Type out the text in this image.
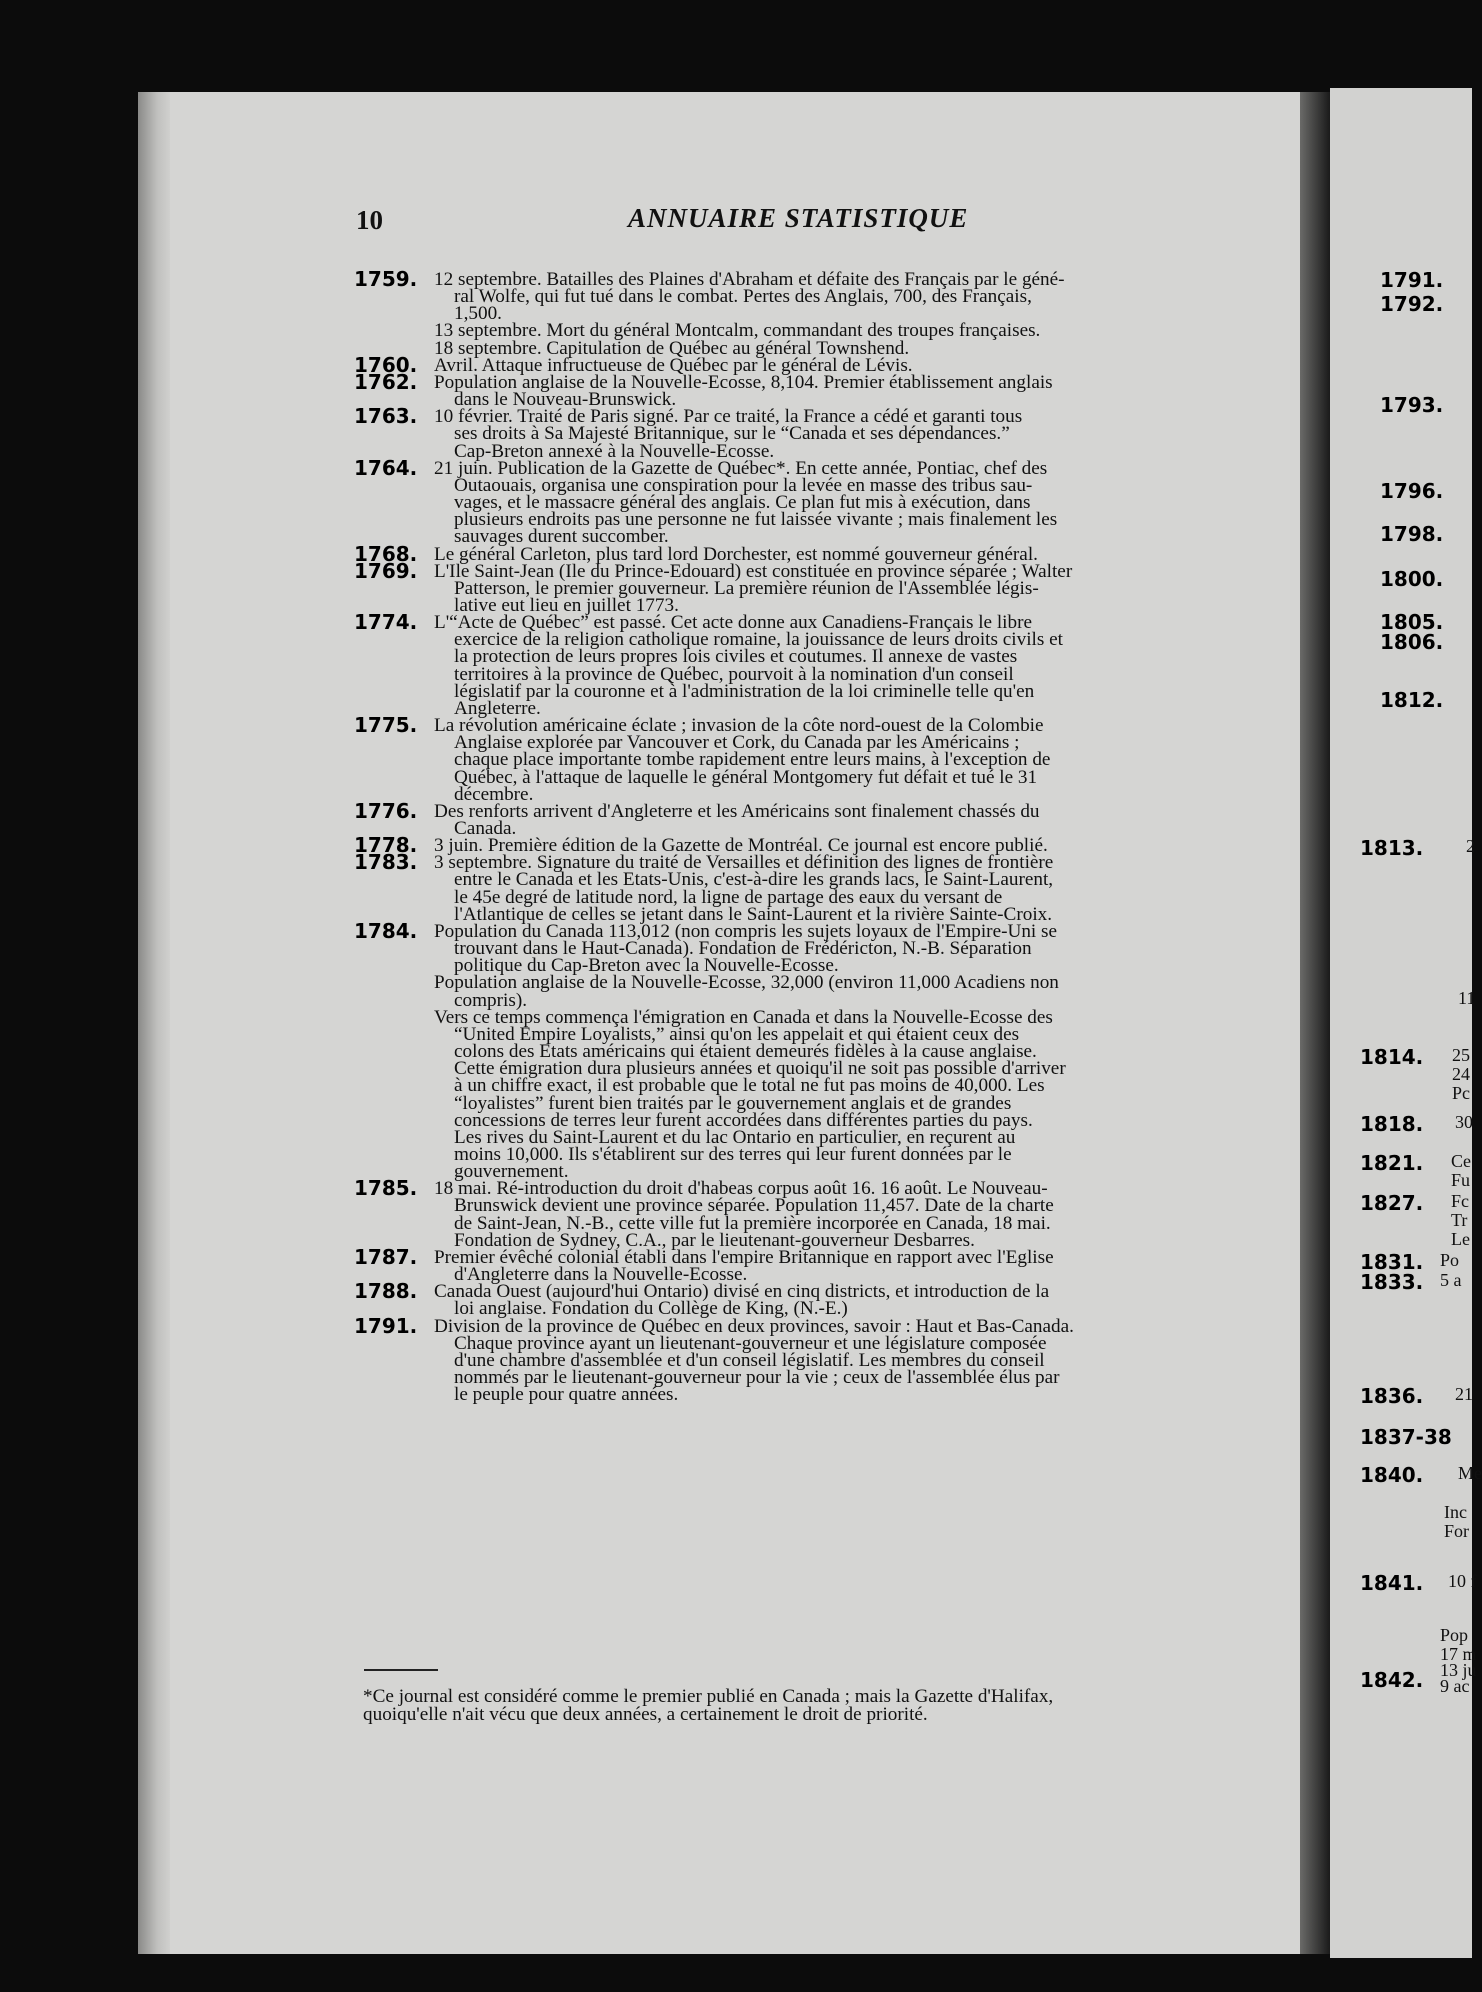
10	ANNUAIRE STATISTIQUE
1759. 12 septembre. Batailles des Plaines d'Abraham et défaite des Français par le géné-
ral Wolfe, qui fut tué dans le combat. Pertes des Anglais, 700, des Français,
1,500.
13 septembre. Mort du général Montcalm, commandant des troupes françaises.
18 septembre. Capitulation de Québec au général Townshend.
1760. Avril. Attaque infructueuse de Québec par le général de Lévis.
1762. Population anglaise de la Nouvelle-Ecosse, 8,104. Premier établissement anglais
dans le Nouveau-Brunswick.
1763. 10 février. Traité de Paris signé. Par ce traité, la France a cédé et garanti tous
ses droits à Sa Majesté Britannique, sur le “Canada et ses dépendances.”
Cap-Breton annexé à la Nouvelle-Ecosse.
1764. 21 juin. Publication de la Gazette de Québec*. En cette année, Pontiac, chef des
Outaouais, organisa une conspiration pour la levée en masse des tribus sau-
vages, et le massacre général des anglais. Ce plan fut mis à exécution, dans
plusieurs endroits pas une personne ne fut laissée vivante ; mais finalement les
sauvages durent succomber.
1768. Le général Carleton, plus tard lord Dorchester, est nommé gouverneur général.
1769. L'Ile Saint-Jean (Ile du Prince-Edouard) est constituée en province séparée ; Walter
Patterson, le premier gouverneur. La première réunion de l'Assemblée légis-
lative eut lieu en juillet 1773.
1774. L'“Acte de Québec” est passé. Cet acte donne aux Canadiens-Français le libre
exercice de la religion catholique romaine, la jouissance de leurs droits civils et
la protection de leurs propres lois civiles et coutumes. Il annexe de vastes
territoires à la province de Québec, pourvoit à la nomination d'un conseil
législatif par la couronne et à l'administration de la loi criminelle telle qu'en
Angleterre.
1775. La révolution américaine éclate ; invasion de la côte nord-ouest de la Colombie
Anglaise explorée par Vancouver et Cork, du Canada par les Américains ;
chaque place importante tombe rapidement entre leurs mains, à l'exception de
Québec, à l'attaque de laquelle le général Montgomery fut défait et tué le 31
décembre.
1776. Des renforts arrivent d'Angleterre et les Américains sont finalement chassés du
Canada.
1778. 3 juin. Première édition de la Gazette de Montréal. Ce journal est encore publié.
1783. 3 septembre. Signature du traité de Versailles et définition des lignes de frontière
entre le Canada et les Etats-Unis, c'est-à-dire les grands lacs, le Saint-Laurent,
le 45e degré de latitude nord, la ligne de partage des eaux du versant de
l'Atlantique de celles se jetant dans le Saint-Laurent et la rivière Sainte-Croix.
1784. Population du Canada 113,012 (non compris les sujets loyaux de l'Empire-Uni se
trouvant dans le Haut-Canada). Fondation de Frédéricton, N.-B. Séparation
politique du Cap-Breton avec la Nouvelle-Ecosse.
Population anglaise de la Nouvelle-Ecosse, 32,000 (environ 11,000 Acadiens non
compris).
Vers ce temps commença l'émigration en Canada et dans la Nouvelle-Ecosse des
“United Empire Loyalists,” ainsi qu'on les appelait et qui étaient ceux des
colons des Etats américains qui étaient demeurés fidèles à la cause anglaise.
Cette émigration dura plusieurs années et quoiqu'il ne soit pas possible d'arriver
à un chiffre exact, il est probable que le total ne fut pas moins de 40,000. Les
“loyalistes” furent bien traités par le gouvernement anglais et de grandes
concessions de terres leur furent accordées dans différentes parties du pays.
Les rives du Saint-Laurent et du lac Ontario en particulier, en reçurent au
moins 10,000. Ils s'établirent sur des terres qui leur furent données par le
gouvernement.
1785. 18 mai. Ré-introduction du droit d'habeas corpus août 16. 16 août. Le Nouveau-
Brunswick devient une province séparée. Population 11,457. Date de la charte
de Saint-Jean, N.-B., cette ville fut la première incorporée en Canada, 18 mai.
Fondation de Sydney, C.A., par le lieutenant-gouverneur Desbarres.
1787. Premier évêché colonial établi dans l'empire Britannique en rapport avec l'Eglise
d'Angleterre dans la Nouvelle-Ecosse.
1788. Canada Ouest (aujourd'hui Ontario) divisé en cinq districts, et introduction de la
loi anglaise. Fondation du Collège de King, (N.-E.)
1791. Division de la province de Québec en deux provinces, savoir : Haut et Bas-Canada.
Chaque province ayant un lieutenant-gouverneur et une législature composée
d'une chambre d'assemblée et d'un conseil législatif. Les membres du conseil
nommés par le lieutenant-gouverneur pour la vie ; ceux de l'assemblée élus par
le peuple pour quatre années.
*Ce journal est considéré comme le premier publié en Canada ; mais la Gazette d'Halifax,
quoiqu'elle n'ait vécu que deux années, a certainement le droit de priorité.
1791.
1792.
1793.
1796.
1798.
1800.
1805.
1806.
1812.
1813.
1814.
1818.
1821.
1827.
1831.
1833.
1836.
1837-38
1840.
1841.
1842.
2
11
25
24
Pc
30
Ce
Fu
Fc
Tr
Le
Po
5 a
21
Me
Inc
For
10 f
Pop
17 m
13 ju
9 ac
